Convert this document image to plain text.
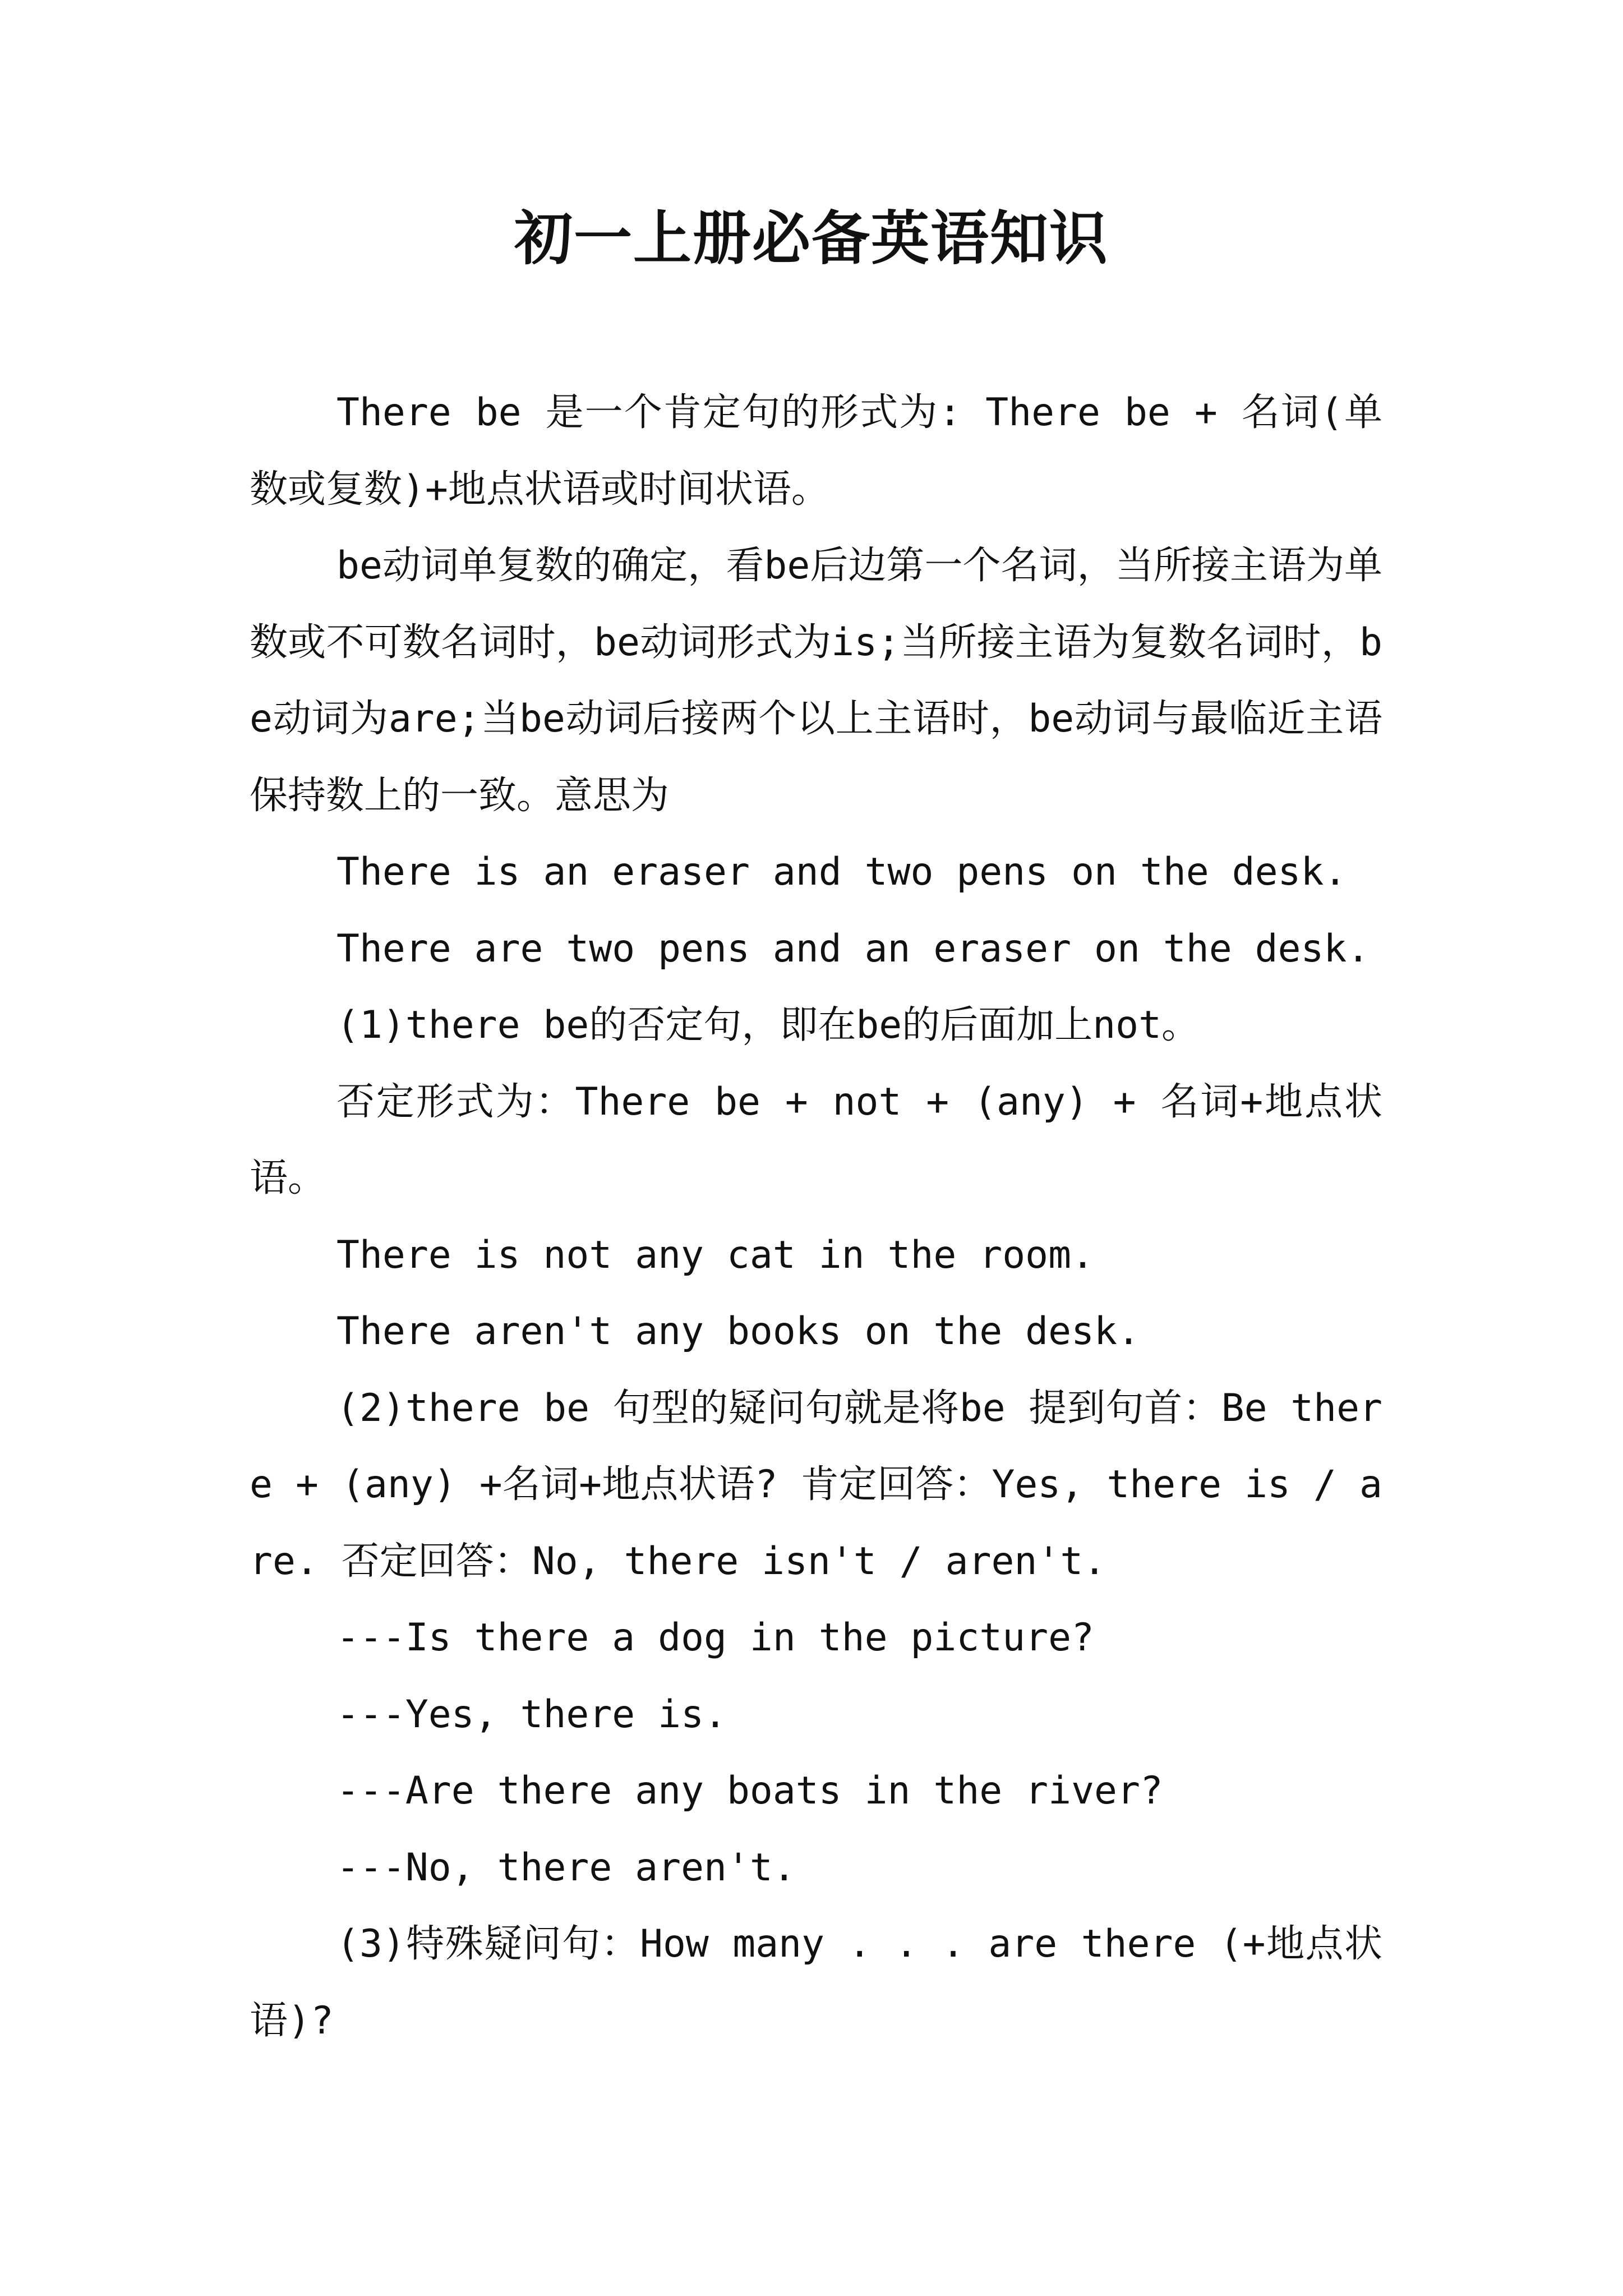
初一上册必备英语知识

There be 是一个肯定句的形式为: There be + 名词(单数或复数)+地点状语或时间状语。

be动词单复数的确定，看be后边第一个名词，当所接主语为单数或不可数名词时，be动词形式为is;当所接主语为复数名词时，be动词为are;当be动词后接两个以上主语时，be动词与最临近主语保持数上的一致。意思为

There is an eraser and two pens on the desk.

There are two pens and an eraser on the desk.

(1)there be的否定句，即在be的后面加上not。

否定形式为：There be + not + (any) + 名词+地点状语。

There is not any cat in the room.

There aren't any books on the desk.

(2)there be 句型的疑问句就是将be 提到句首：Be there + (any) +名词+地点状语? 肯定回答：Yes, there is / are. 否定回答：No, there isn't / aren't.

---Is there a dog in the picture?

---Yes, there is.

---Are there any boats in the river?

---No, there aren't.

(3)特殊疑问句：How many . . . are there (+地点状语)?
